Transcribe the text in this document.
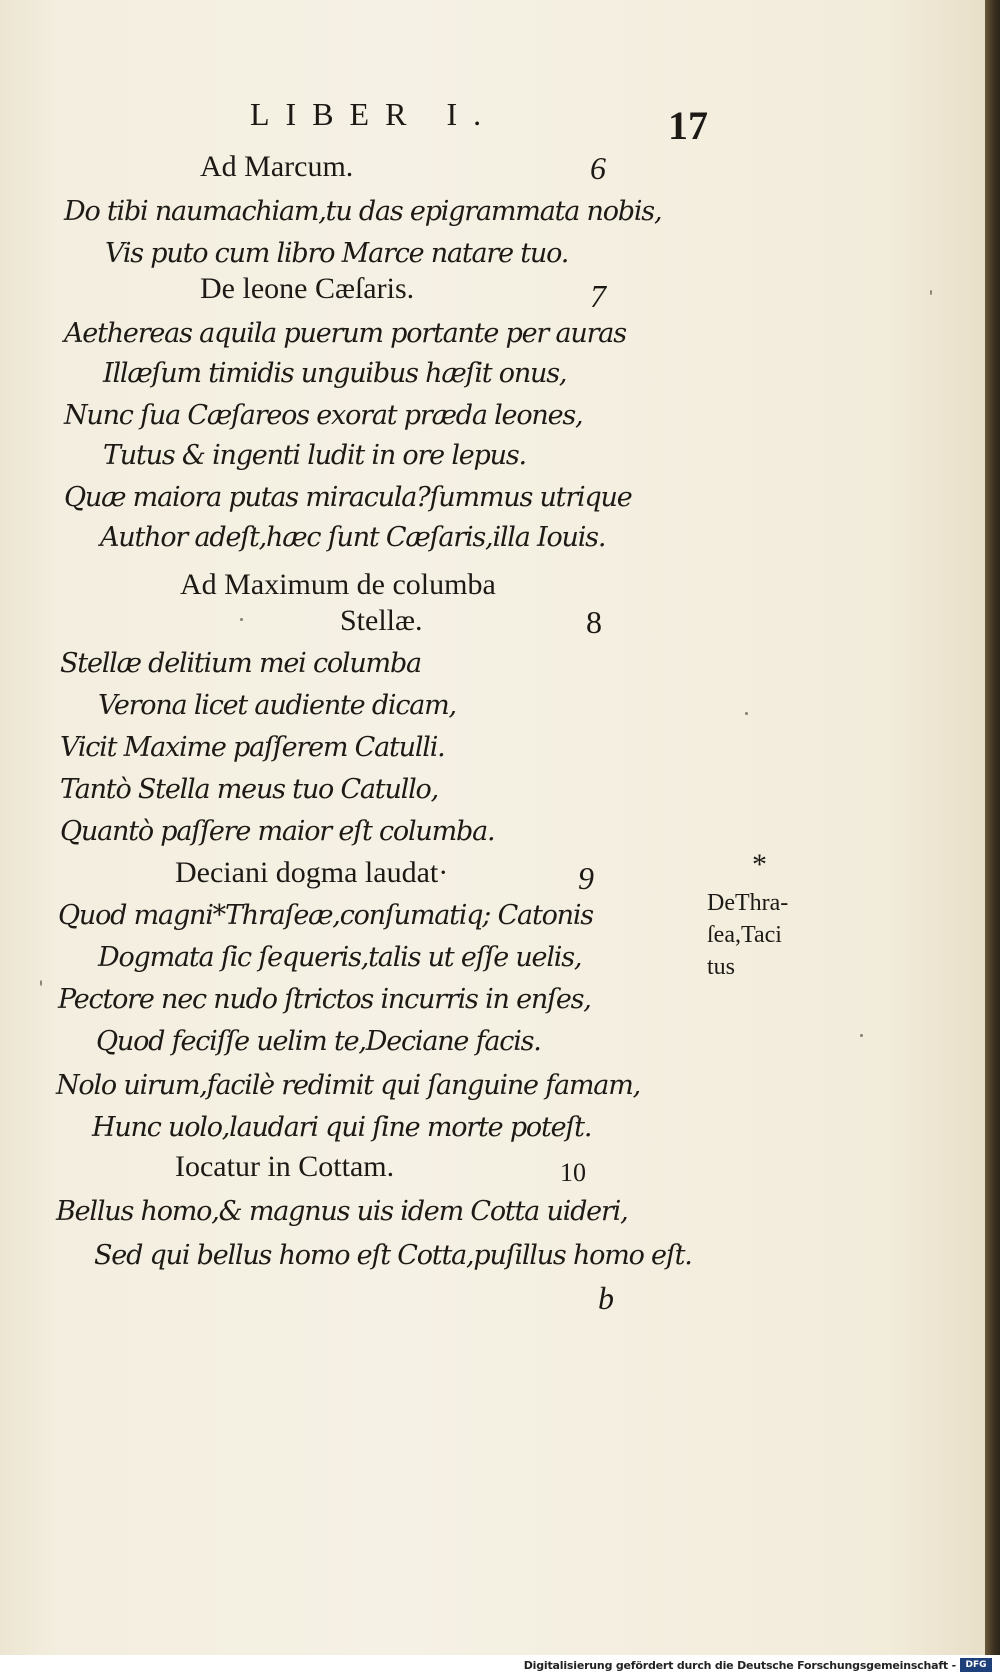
LIBER I.	17
Ad Marcum.	6
Do tibi naumachiam,tu das epigrammata nobis,
Vis puto cum libro Marce natare tuo.
De leone Cæſaris.	7
Aethereas aquila puerum portante per auras
Illæſum timidis unguibus hæſit onus,
Nunc ſua Cæſareos exorat præda leones,
Tutus & ingenti ludit in ore lepus.
Quæ maiora putas miracula?ſummus utrique
Author adeſt,hæc ſunt Cæſaris,illa Iouis.
Ad Maximum de columba
Stellæ.	8
Stellæ delitium mei columba
Verona licet audiente dicam,
Vicit Maxime paſſerem Catulli.
Tantò Stella meus tuo Catullo,
Quantò paſſere maior eſt columba.
Deciani dogma laudat·	9
Quod magni*Thraſeæ,conſumatiq; Catonis
Dogmata ſic ſequeris,talis ut eſſe uelis,
Pectore nec nudo ſtrictos incurris in enſes,
Quod feciſſe uelim te,Deciane facis.
Nolo uirum,facilè redimit qui ſanguine famam,
Hunc uolo,laudari qui ſine morte poteſt.
Iocatur in Cottam.	10
Bellus homo,& magnus uis idem Cotta uideri,
Sed qui bellus homo eſt Cotta,puſillus homo eſt.
b
*
DeThra-
ſea,Taci
tus
Digitalisierung gefördert durch die Deutsche Forschungsgemeinschaft -	DFG
